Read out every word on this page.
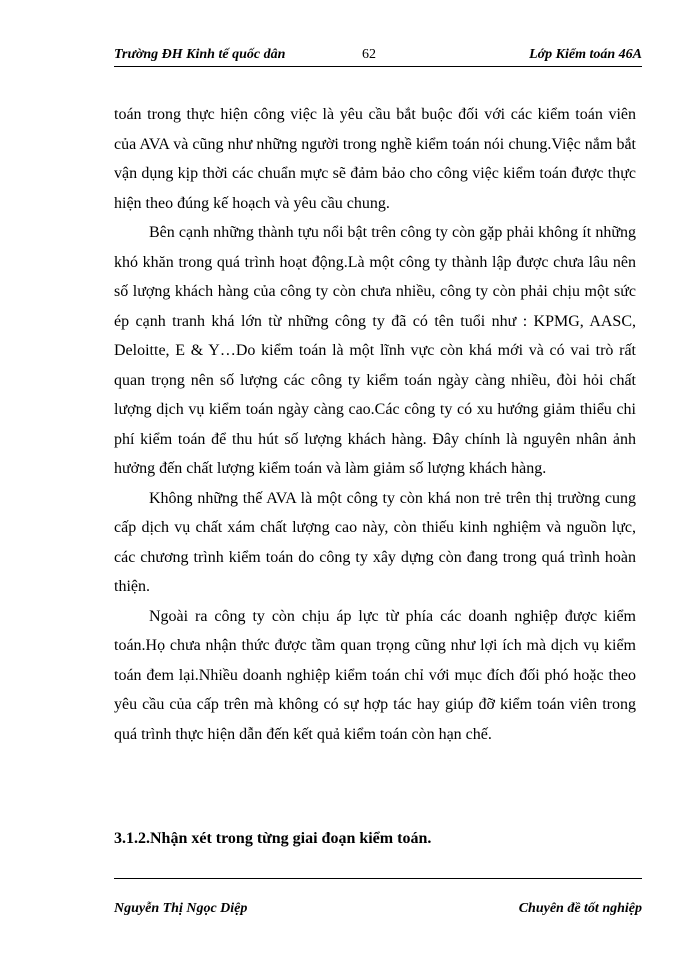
Trường ĐH Kinh tế quốc dân	62	Lớp Kiểm toán 46A

toán trong thực hiện công việc là yêu cầu bắt buộc đối với các kiểm toán viên của AVA và cũng như những người trong nghề kiểm toán nói chung.Việc nắm bắt vận dụng kịp thời các chuẩn mực sẽ đảm bảo cho công việc kiểm toán được thực hiện theo đúng kế hoạch và yêu cầu chung.

Bên cạnh những thành tựu nổi bật trên công ty còn gặp phải không ít những khó khăn trong quá trình hoạt động.Là một công ty thành lập được chưa lâu nên số lượng khách hàng của công ty còn chưa nhiều, công ty còn phải chịu một sức ép cạnh tranh khá lớn từ những công ty đã có tên tuổi như : KPMG, AASC, Deloitte, E & Y…Do kiểm toán là một lĩnh vực còn khá mới và có vai trò rất quan trọng nên số lượng các công ty kiểm toán ngày càng nhiều, đòi hỏi chất lượng dịch vụ kiểm toán ngày càng cao.Các công ty có xu hướng giảm thiểu chi phí kiểm toán để thu hút số lượng khách hàng. Đây chính là nguyên nhân ảnh hưởng đến chất lượng kiểm toán và làm giảm số lượng khách hàng.

Không những thế AVA là một công ty còn khá non trẻ trên thị trường cung cấp dịch vụ chất xám chất lượng cao này, còn thiếu kinh nghiệm và nguồn lực, các chương trình kiểm toán do công ty xây dựng còn đang trong quá trình hoàn thiện.

Ngoài ra công ty còn chịu áp lực từ phía các doanh nghiệp được kiểm toán.Họ chưa nhận thức được tầm quan trọng cũng như lợi ích mà dịch vụ kiểm toán đem lại.Nhiều doanh nghiệp kiểm toán chỉ với mục đích đối phó hoặc theo yêu cầu của cấp trên mà không có sự hợp tác hay giúp đỡ kiểm toán viên trong quá trình thực hiện dẫn đến kết quả kiểm toán còn hạn chế.

3.1.2.Nhận xét trong từng giai đoạn kiểm toán.
Nguyễn Thị Ngọc Diệp	Chuyên đề tốt nghiệp
